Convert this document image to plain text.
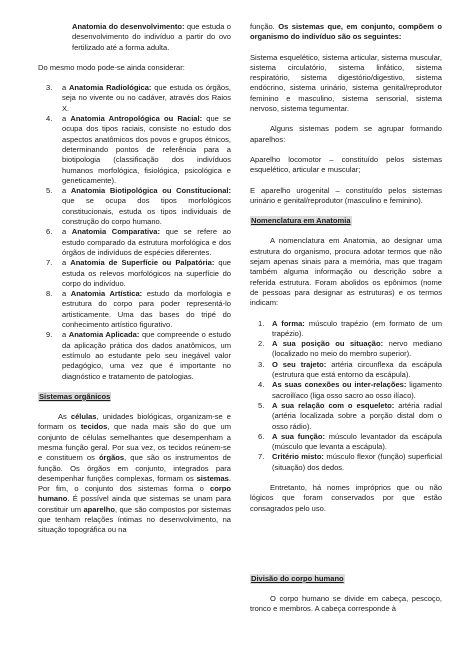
Anatomia do desenvolvimento: que estuda o desenvolvimento do indivíduo a partir do ovo fertilizado até a forma adulta.

Do mesmo modo pode-se ainda considerar:

3.	a Anatomia Radiológica: que estuda os órgãos, seja no vivente ou no cadáver, através dos Raios X.
4.	a Anatomia Antropológica ou Racial: que se ocupa dos tipos raciais, consiste no estudo dos aspectos anatômicos dos povos e grupos étnicos, determinando pontos de referência para a biotipologia (classificação dos indivíduos humanos morfológica, fisiológica, psicológica e geneticamente).
5.	a Anatomia Biotipológica ou Constitucional: que se ocupa dos tipos morfológicos constitucionais, estuda os tipos individuais de construção do corpo humano.
6.	a Anatomia Comparativa: que se refere ao estudo comparado da estrutura morfológica e dos órgãos de indivíduos de espécies diferentes.
7.	a Anatomia de Superfície ou Palpatória: que estuda os relevos morfológicos na superfície do corpo do indivíduo.
8.	a Anatomia Artística: estudo da morfologia e estrutura do corpo para poder representá-lo artisticamente. Uma das bases do tripé do conhecimento artístico figurativo.
9.	a Anatomia Aplicada: que compreende o estudo da aplicação prática dos dados anatômicos, um estímulo ao estudante pelo seu inegável valor pedagógico, uma vez que é importante no diagnóstico e tratamento de patologias.
Sistemas orgânicos

As células, unidades biológicas, organizam-se e formam os tecidos, que nada mais são do que um conjunto de células semelhantes que desempenham a mesma função geral. Por sua vez, os tecidos reúnem-se e constituem os órgãos, que são os instrumentos de função. Os órgãos em conjunto, integrados para desempenhar funções complexas, formam os sistemas. Por fim, o conjunto dos sistemas forma o corpo humano. É possível ainda que sistemas se unam para constituir um aparelho, que são compostos por sistemas que tenham relações íntimas no desenvolvimento, na situação topográfica ou na

função. Os sistemas que, em conjunto, compõem o organismo do indivíduo são os seguintes:

Sistema esquelético, sistema articular, sistema muscular, sistema circulatório, sistema linfático, sistema respiratório, sistema digestório/digestivo, sistema endócrino, sistema urinário, sistema genital/reprodutor feminino e masculino, sistema sensorial, sistema nervoso, sistema tegumentar.

Alguns sistemas podem se agrupar formando aparelhos:

Aparelho locomotor – constituído pelos sistemas esquelético, articular e muscular;

E aparelho urogenital – constituído pelos sistemas urinário e genital/reprodutor (masculino e feminino).

Nomenclatura em Anatomia

A nomenclatura em Anatomia, ao designar uma estrutura do organismo, procura adotar termos que não sejam apenas sinais para a memória, mas que tragam também alguma informação ou descrição sobre a referida estrutura. Foram abolidos os epônimos (nome de pessoas para designar as estruturas) e os termos indicam:

1.	A forma: músculo trapézio (em formato de um trapézio).
2.	A sua posição ou situação: nervo mediano (localizado no meio do membro superior).
3.	O seu trajeto: artéria circunflexa da escápula (estrutura que está entorno da escápula).
4.	As suas conexões ou inter-relações: ligamento sacroilíaco (liga osso sacro ao osso ilíaco).
5.	A sua relação com o esqueleto: artéria radial (artéria localizada sobre a porção distal dom o osso rádio).
6.	A sua função: músculo levantador da escápula (músculo que levanta a escápula).
7.	Critério misto: músculo flexor (função) superficial (situação) dos dedos.

Entretanto, há nomes impróprios que ou não lógicos que foram conservados por que estão consagrados pelo uso.

Divisão do corpo humano

O corpo humano se divide em cabeça, pescoço, tronco e membros. A cabeça corresponde à
